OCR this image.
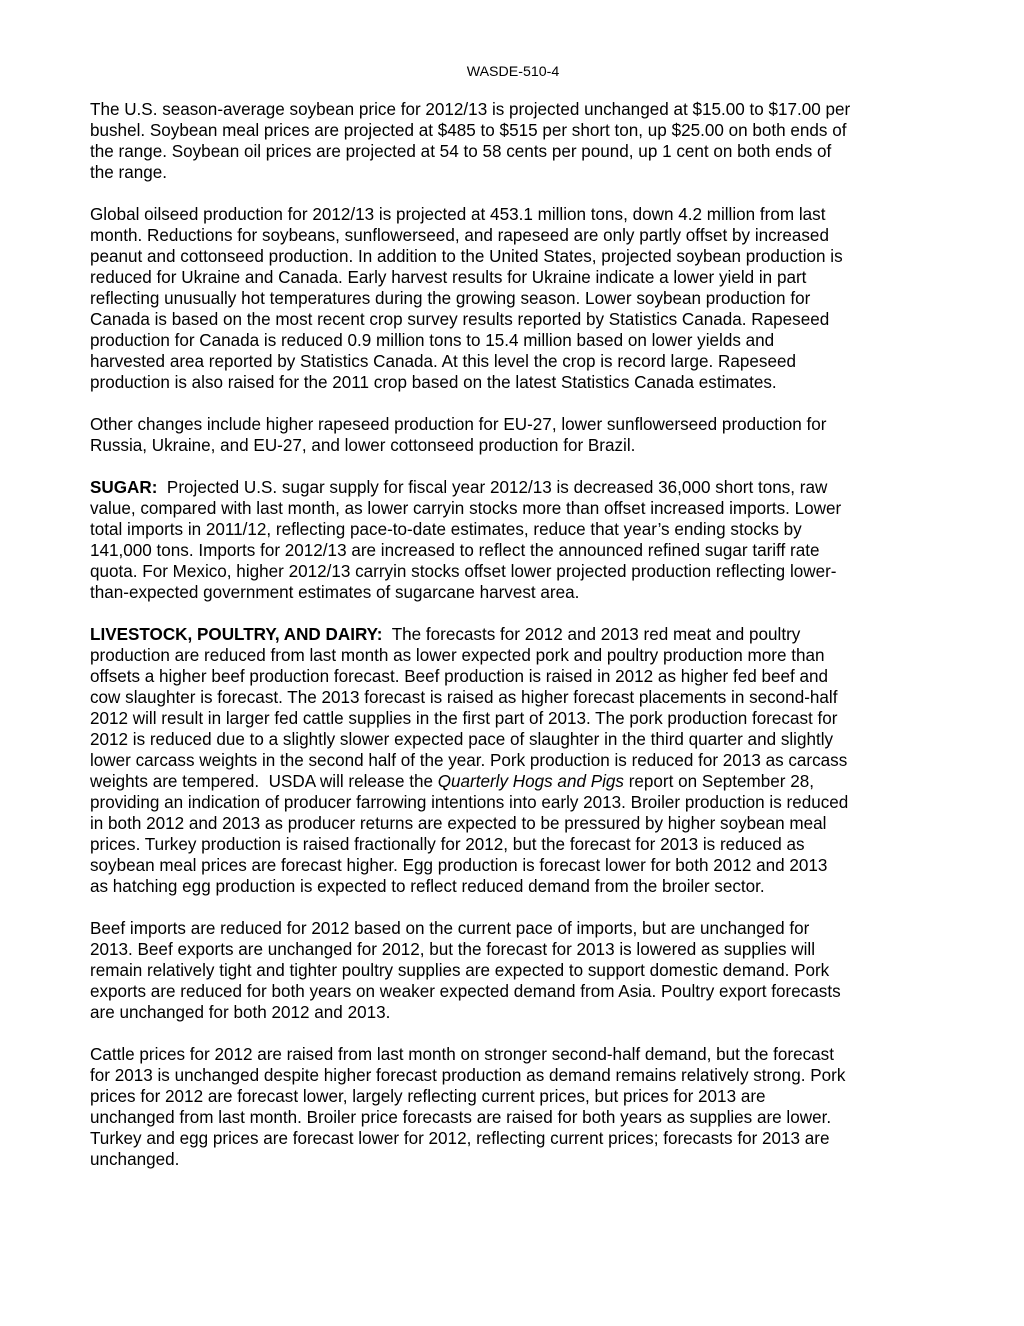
WASDE-510-4
The U.S. season-average soybean price for 2012/13 is projected unchanged at $15.00 to $17.00 per
bushel. Soybean meal prices are projected at $485 to $515 per short ton, up $25.00 on both ends of
the range. Soybean oil prices are projected at 54 to 58 cents per pound, up 1 cent on both ends of
the range.
Global oilseed production for 2012/13 is projected at 453.1 million tons, down 4.2 million from last
month. Reductions for soybeans, sunflowerseed, and rapeseed are only partly offset by increased
peanut and cottonseed production. In addition to the United States, projected soybean production is
reduced for Ukraine and Canada. Early harvest results for Ukraine indicate a lower yield in part
reflecting unusually hot temperatures during the growing season. Lower soybean production for
Canada is based on the most recent crop survey results reported by Statistics Canada. Rapeseed
production for Canada is reduced 0.9 million tons to 15.4 million based on lower yields and
harvested area reported by Statistics Canada. At this level the crop is record large. Rapeseed
production is also raised for the 2011 crop based on the latest Statistics Canada estimates.
Other changes include higher rapeseed production for EU-27, lower sunflowerseed production for
Russia, Ukraine, and EU-27, and lower cottonseed production for Brazil.
SUGAR:  Projected U.S. sugar supply for fiscal year 2012/13 is decreased 36,000 short tons, raw
value, compared with last month, as lower carryin stocks more than offset increased imports. Lower
total imports in 2011/12, reflecting pace-to-date estimates, reduce that year’s ending stocks by
141,000 tons. Imports for 2012/13 are increased to reflect the announced refined sugar tariff rate
quota. For Mexico, higher 2012/13 carryin stocks offset lower projected production reflecting lower-
than-expected government estimates of sugarcane harvest area.
LIVESTOCK, POULTRY, AND DAIRY:  The forecasts for 2012 and 2013 red meat and poultry
production are reduced from last month as lower expected pork and poultry production more than
offsets a higher beef production forecast. Beef production is raised in 2012 as higher fed beef and
cow slaughter is forecast. The 2013 forecast is raised as higher forecast placements in second-half
2012 will result in larger fed cattle supplies in the first part of 2013. The pork production forecast for
2012 is reduced due to a slightly slower expected pace of slaughter in the third quarter and slightly
lower carcass weights in the second half of the year. Pork production is reduced for 2013 as carcass
weights are tempered.  USDA will release the Quarterly Hogs and Pigs report on September 28,
providing an indication of producer farrowing intentions into early 2013. Broiler production is reduced
in both 2012 and 2013 as producer returns are expected to be pressured by higher soybean meal
prices. Turkey production is raised fractionally for 2012, but the forecast for 2013 is reduced as
soybean meal prices are forecast higher. Egg production is forecast lower for both 2012 and 2013
as hatching egg production is expected to reflect reduced demand from the broiler sector.
Beef imports are reduced for 2012 based on the current pace of imports, but are unchanged for
2013. Beef exports are unchanged for 2012, but the forecast for 2013 is lowered as supplies will
remain relatively tight and tighter poultry supplies are expected to support domestic demand. Pork
exports are reduced for both years on weaker expected demand from Asia. Poultry export forecasts
are unchanged for both 2012 and 2013.
Cattle prices for 2012 are raised from last month on stronger second-half demand, but the forecast
for 2013 is unchanged despite higher forecast production as demand remains relatively strong. Pork
prices for 2012 are forecast lower, largely reflecting current prices, but prices for 2013 are
unchanged from last month. Broiler price forecasts are raised for both years as supplies are lower.
Turkey and egg prices are forecast lower for 2012, reflecting current prices; forecasts for 2013 are
unchanged.
